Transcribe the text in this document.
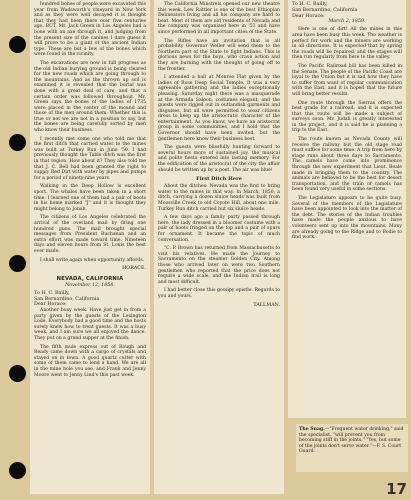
hundred bones of people were excavated this year from Wadsworth's vineyard in New York and as they were well decayed it is thought that they had been there over five centuries ago. BUT, Mr. Jack Green in Los Angeles had a bone with an axe through it, and judging from the present size of the canines I dare guess it will prove to be a giant of the ancient Indian type. These are but a few of the bones which were found in the vicinity.

The excavations are now in full progress as the old Indian burying ground is being cleared for the new roads which are going through to the mountains. And as the thrown up soil is examined it is revealed that the burial was done with a great deal of care, and that a certain order was followed throughout. Mr. Green says the bones of the ladies of 1735 were placed in the center of the mound and those of the men around them. Whether this is true or not we are not in a position to say, but the bones are being carefully sorted by men who know their business.

I recently met some one who told me that the first ditch that carried water to the mines was built at Turkey Run in June '50. I had previously thought the Table ditch was the first in that region. How about it? They also told me that J. C. Bell had been granted the right to supply Red Dirt with water by pipes and pumps for a period of ninety-nine years.

Walking in the Deep Hollow is excellent sport. The whales have been taken in a short time. I learned one of them had a pair of boots in his home marked "J" and it is thought they might belong to Jonah.

The citizens of Los Angeles celebrated the arrival of the overland mail by firing one hundred guns. The mail brought special messages from President Buchanan and an extra effort was made toward time. Nineteen days and eleven hours from St. Louis the best ever made.

I shall write again when opportunity affords.

HORACE.

NEVADA, CALIFORNIA
November 12, 1858.

To H. C. Bailly,

San Bernardino, California

Dear Horace:

Another busy week. Have just got in from a party given by the guests of the Lexington Lode. Everybody had a good time and the hosts surely knew how to treat guests. It was a busy week, and I am sure we all enjoyed the dance. They put on a grand supper at the finish.

The fifth mule express out of Rough and Ready came down with a cargo of crystals and stayed on in town. A good quartz cutter with some of them came to lend a hand. We are all in the mine hole you see, and Frank and Jenny Moore went to Jenny Lind's this past week.

The California Minstrels opened our new theatre this week. Lew Rattler is one of the best Ethiopian Delineators living and all his company are hard to beat. Most of them are old residents of Nevada and the company was organized here in '53 and have since performed in all important cities of the State.

The Rifles have an invitation that is all probability Governor Weller will send them to the Northern part of the State to fight Indians. This is glorious news for the boys, who crave action and they are burning with the thought of going off to the frontier.

I attended a ball at Monroe Flat given by the ladies of Rose Deep Social Temple. It was a very agreeable gathering and the ladies exceptionally pleasing. Saturday night there was a masquerade at the Armada Saloon, costumes elegant, and the guests were rigged out in outlandish garments and disguises, but all were permitted to wear citizens dress to keep up the aristocratic character of the entertainment. As you know, we have an aristocrat group in some communities, and I hold that the Governor should have been invited, but the gentlemen here know their business best.

The guests were blissfully hunting forward to several hours more of sustained joy, the musical and polite fiesta entered into lasting memory. For the edification of the aristocrat of the city the affair should be written up by a poet. The air was blue!

First Ditch Here

About the ditches: Nevada was the first to bring water to the mines in that way. In March, 1850, a ditch, carrying a dozen sluice heads was built from Moosville Creek to old Coyote Hill, about one mile. Turkey Run ditch carried but six sluice heads.

A few days ago a family party passed through here, the lady dressed in a bloomer costume with a pair of boots fringed on the top and a pair of spurs for ornament. It became the topic of much conversation.

"C. P. Brown has returned from Massachusetts to visit his relatives. He made the journey to Sacramento on the steamer Golden City. Among those who arrived later on were two Southern gentlemen who reported that the price does not require a wide scale, and the Indian trail is long and most difficult.

I had better close this gossipy epistle. Regards to you and yours.

TALLMAN.

To H. C. Bailly,

San Bernardino, California

Dear Horace:

March 2, 1859.

Here is one of dirt! All the mines in this area have been busy this week. The weather is perfect for work and the miners are working in all directions. It is expected that by spring the roads will be repaired, and the stages will then run regularly from here to the valley.

The Pacific Railroad bill has been killed in the Senate. The people of the Pacific Coast are loyal to the Union but it is sad how they have to suffer from want of regular communication with the East, and it is hoped that the future will bring better results.

One route through the Sierras offers the best grade for a railroad, and it is expected that this route will be made a subject of surveys soon. Mr. Judah is greatly interested in the project, and it is said he is planning a trip to the East.

The route known as Nevada County will receive the railway but the old stage road must suffice for some time. A trip from here by stage runs about three days to Sacramento. The camels have come into prominence through the new experiment that Lieut. Beale made in bringing them to the country. The animals are believed to be the best for desert transportation, and the train of camels has been found very useful in some sections.

The Legislature appears to be quite busy. Several of the members of the Legislature have been appointed to look into the matter of the debt. The stories of the Indian troubles have made the people anxious to have volunteers sent up into the mountains. Many are already going to the Ridge and to Bodie to find work.

The Snag.—"Frequent water drinking," said the specialist, "will prevent you from becoming stiff in the joints." "Yes, but some of the joints don't serve water."—F. S. Court Guard.

17
